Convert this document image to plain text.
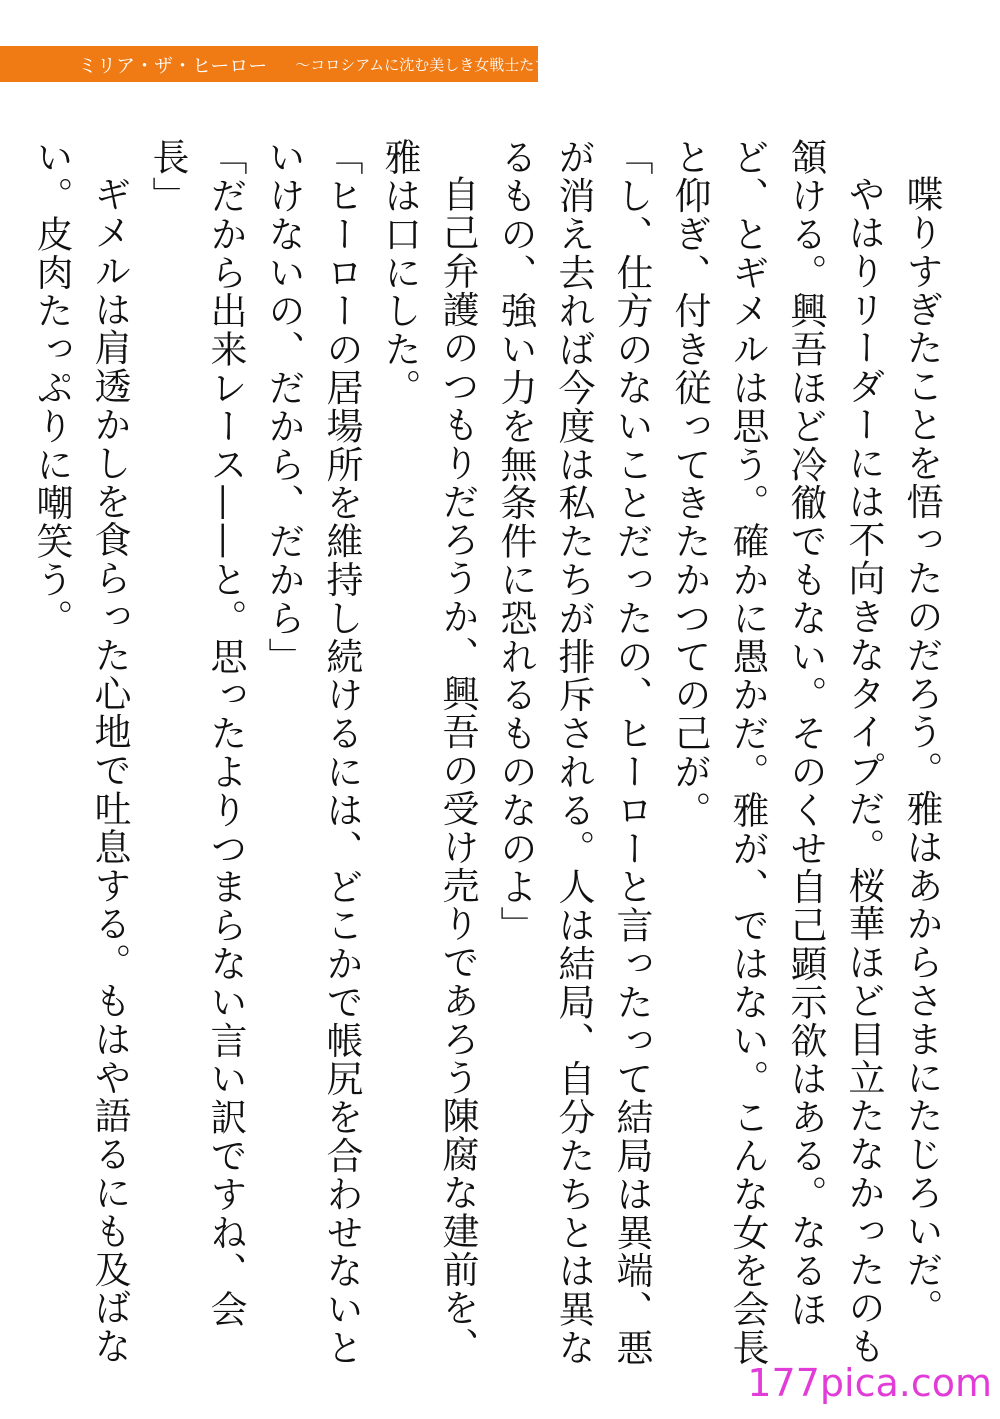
ミリア・ザ・ヒーロー 〜コロシアムに沈む美しき女戦士たち〜

喋りすぎたことを悟ったのだろう。雅はあからさまにたじろいだ。

やはりリーダーには不向きなタイプだ。桜華ほど目立たなかったのも頷ける。興吾ほど冷徹でもない。そのくせ自己顕示欲はある。なるほど、とギメルは思う。確かに愚かだ。雅が、ではない。こんな女を会長と仰ぎ、付き従ってきたかつての己が。

「し、仕方のないことだったの、ヒーローと言ったって結局は異端、悪が消え去れば今度は私たちが排斥される。人は結局、自分たちとは異なるもの、強い力を無条件に恐れるものなのよ」

自己弁護のつもりだろうか、興吾の受け売りであろう陳腐な建前を、雅は口にした。

「ヒーローの居場所を維持し続けるには、どこかで帳尻を合わせないといけないの、だから、だから」

「だから出来レース——と。思ったよりつまらない言い訳ですね、会長」

ギメルは肩透かしを食らった心地で吐息する。もはや語るにも及ばない。皮肉たっぷりに嘲笑う。

177pica.com
